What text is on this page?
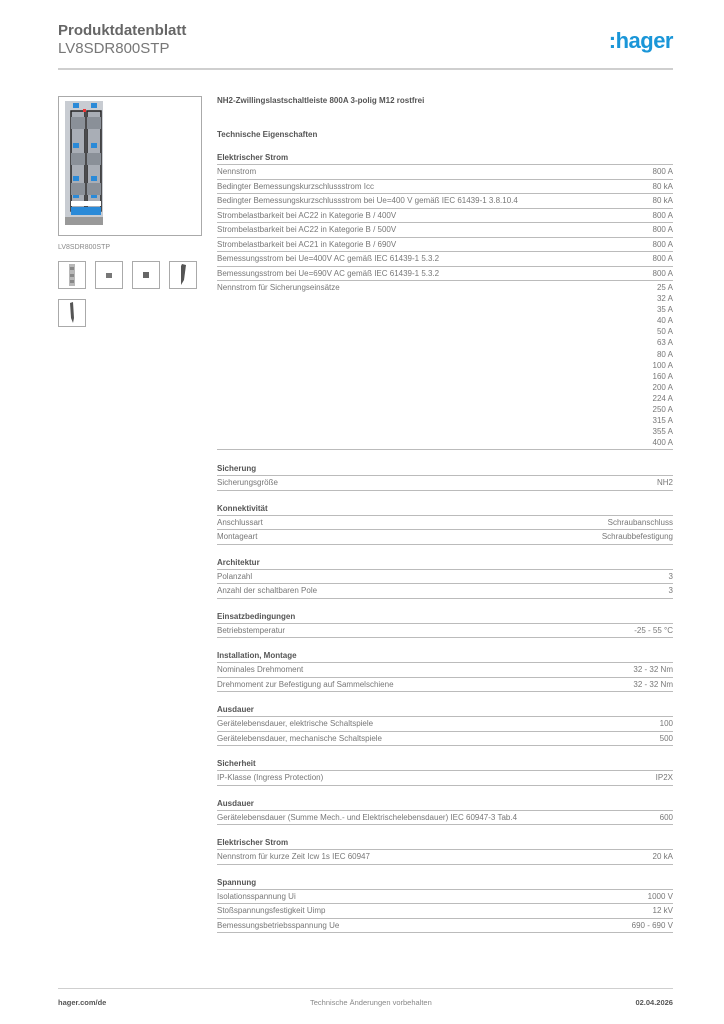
Produktdatenblatt
LV8SDR800STP	:hager
LV8SDR800STP
NH2-Zwillingslastschaltleiste 800A 3-polig M12 rostfrei
Technische Eigenschaften
Elektrischer Strom
Nennstrom	800 A
Bedingter Bemessungskurzschlussstrom Icc	80 kA
Bedingter Bemessungskurzschlussstrom bei Ue=400 V gemäß IEC 61439-1 3.8.10.4	80 kA
Strombelastbarkeit bei AC22 in Kategorie B / 400V	800 A
Strombelastbarkeit bei AC22 in Kategorie B / 500V	800 A
Strombelastbarkeit bei AC21 in Kategorie B / 690V	800 A
Bemessungsstrom bei Ue=400V AC gemäß IEC 61439-1 5.3.2	800 A
Bemessungsstrom bei Ue=690V AC gemäß IEC 61439-1 5.3.2	800 A
Nennstrom für Sicherungseinsätze	25 A
32 A
35 A
40 A
50 A
63 A
80 A
100 A
160 A
200 A
224 A
250 A
315 A
355 A
400 A
Sicherung
Sicherungsgröße	NH2
Konnektivität
Anschlussart	Schraubanschluss
Montageart	Schraubbefestigung
Architektur
Polanzahl	3
Anzahl der schaltbaren Pole	3
Einsatzbedingungen
Betriebstemperatur	-25 - 55 °C
Installation, Montage
Nominales Drehmoment	32 - 32 Nm
Drehmoment zur Befestigung auf Sammelschiene	32 - 32 Nm
Ausdauer
Gerätelebensdauer, elektrische Schaltspiele	100
Gerätelebensdauer, mechanische Schaltspiele	500
Sicherheit
IP-Klasse (Ingress Protection)	IP2X
Ausdauer
Gerätelebensdauer (Summe Mech.- und Elektrischelebensdauer) IEC 60947-3 Tab.4	600
Elektrischer Strom
Nennstrom für kurze Zeit Icw 1s IEC 60947	20 kA
Spannung
Isolationsspannung Ui	1000 V
Stoßspannungsfestigkeit Uimp	12 kV
Bemessungsbetriebsspannung Ue	690 - 690 V
hager.com/de	Technische Änderungen vorbehalten	02.04.2026
